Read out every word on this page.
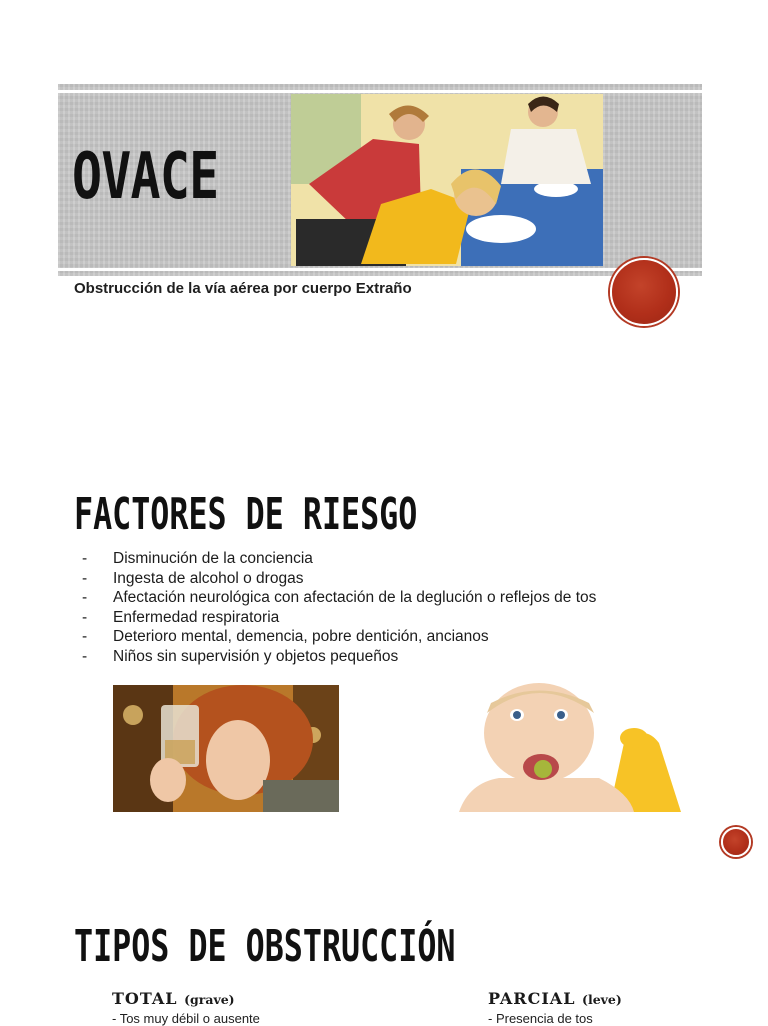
OVACE
Obstrucción de la vía aérea por cuerpo Extraño
FACTORES DE RIESGO
-	Disminución de la conciencia
-	Ingesta de alcohol o drogas
-	Afectación neurológica con afectación de la deglución o reflejos de tos
-	Enfermedad respiratoria
-	Deterioro mental, demencia, pobre dentición, ancianos
-	Niños sin supervisión y objetos pequeños
TIPOS DE OBSTRUCCIÓN
TOTAL (grave)
- Tos muy débil o ausente
PARCIAL (leve)
- Presencia de tos
